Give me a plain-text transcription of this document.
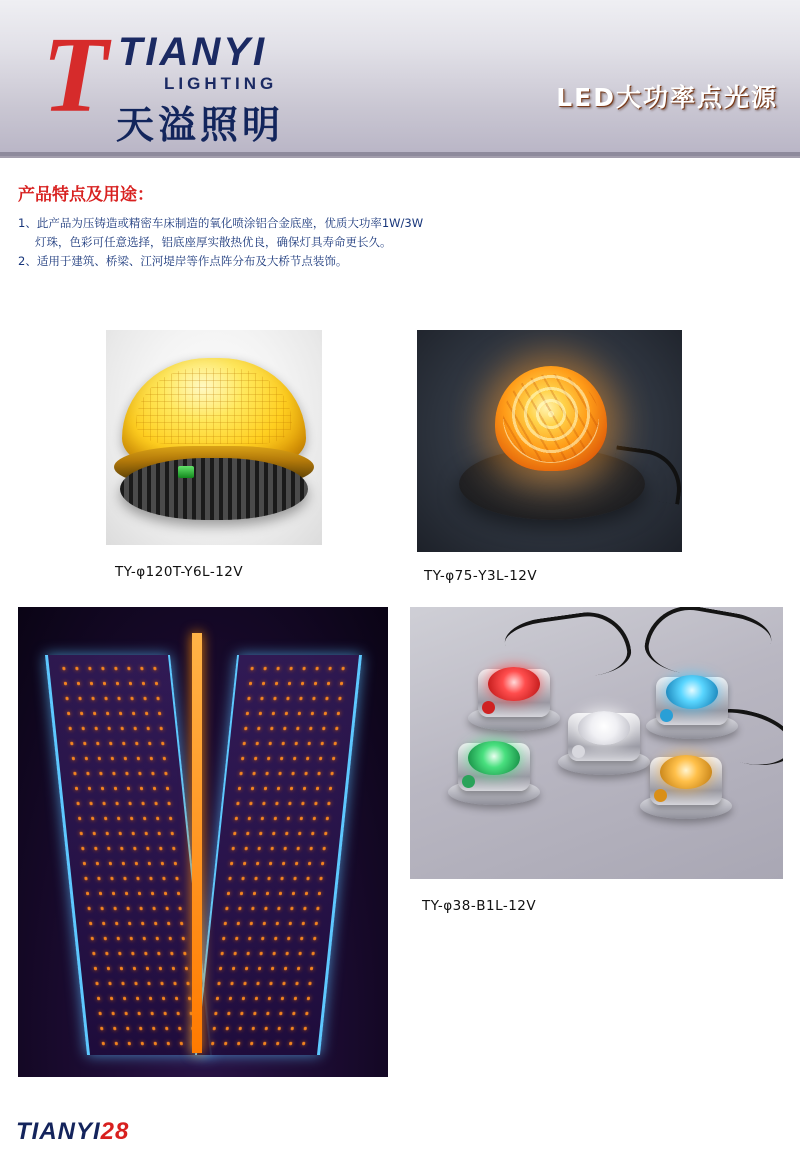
T TIANYI
LIGHTING
天溢照明
LED大功率点光源
产品特点及用途：

1、此产品为压铸造或精密车床制造的氧化喷涂铝合金底座，优质大功率1W/3W

灯珠，色彩可任意选择，铝底座厚实散热优良，确保灯具寿命更长久。

2、适用于建筑、桥梁、江河堤岸等作点阵分布及大桥节点装饰。

TY-φ120T-Y6L-12V	TY-φ75-Y3L-12V
TY-φ38-B1L-12V
TIANYI28
